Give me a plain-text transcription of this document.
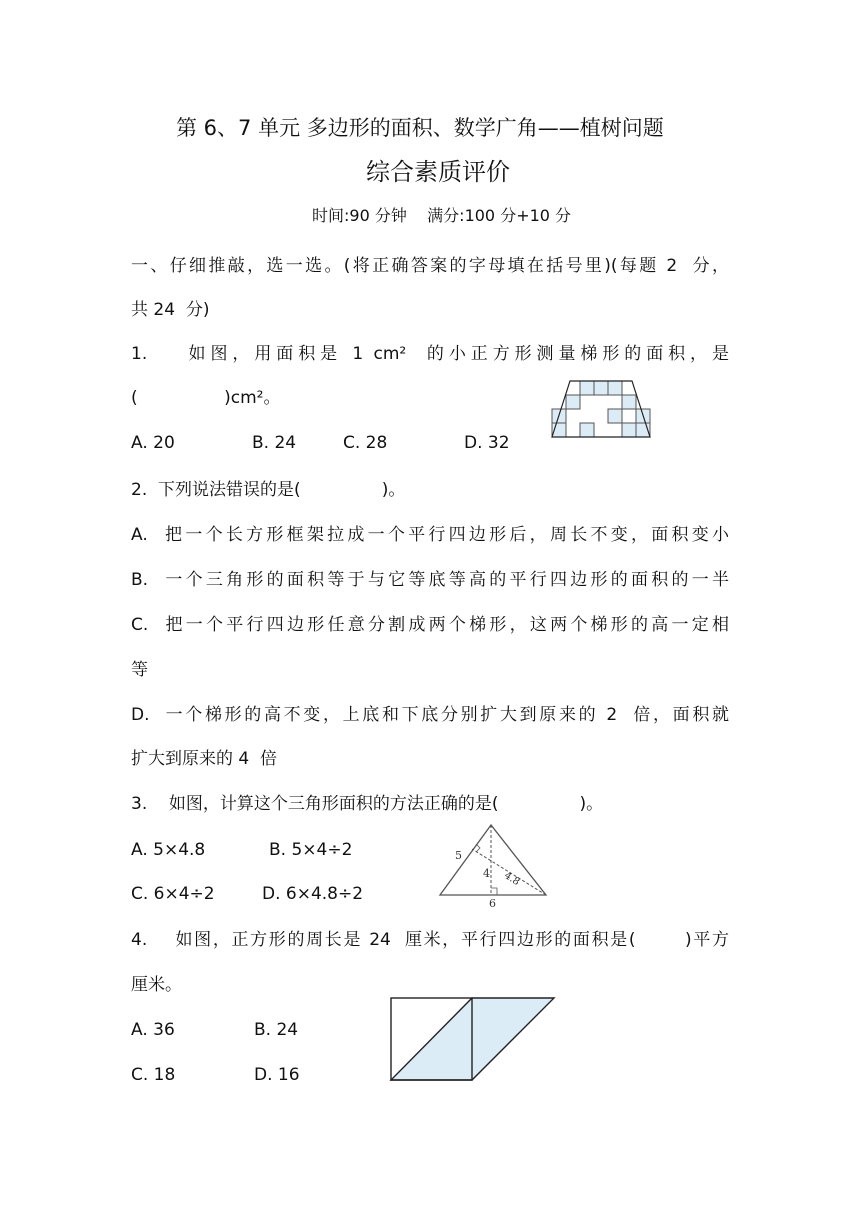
第 6、7 单元 多边形的面积、数学广角——植树问题
综合素质评价
时间:90 分钟    满分:100 分+10 分
一、仔细推敲，选一选。(将正确答案的字母填在括号里)(每题 2  分，
共 24  分)
1.    如图，用面积是 1 cm²  的小正方形测量梯形的面积，是
(                )cm²。
A. 20	B. 24	C. 28	D. 32
2.  下列说法错误的是(               )。
A.  把一个长方形框架拉成一个平行四边形后，周长不变，面积变小
B.  一个三角形的面积等于与它等底等高的平行四边形的面积的一半
C.  把一个平行四边形任意分割成两个梯形，这两个梯形的高一定相
等
D.  一个梯形的高不变，上底和下底分别扩大到原来的 2  倍，面积就
扩大到原来的 4  倍
3.    如图，计算这个三角形面积的方法正确的是(               )。
A. 5×4.8	B. 5×4÷2
C. 6×4÷2	D. 6×4.8÷2
5
4 4.8
6
4.    如图，正方形的周长是 24  厘米，平行四边形的面积是(       )平方
厘米。
A. 36	B. 24
C. 18	D. 16
